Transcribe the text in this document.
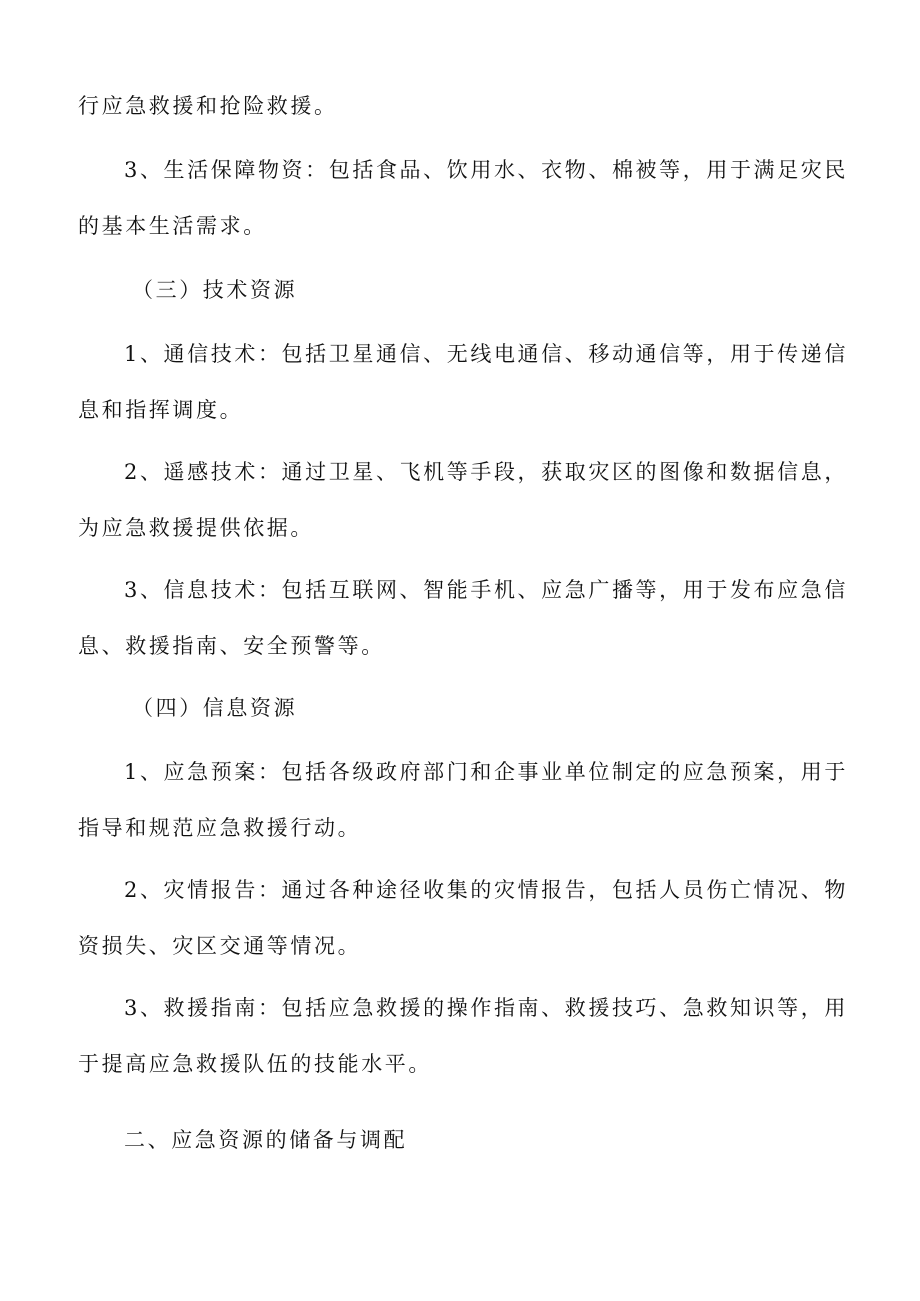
行应急救援和抢险救援。

3、生活保障物资：包括食品、饮用水、衣物、棉被等，用于满足灾民

的基本生活需求。

（三）技术资源

1、通信技术：包括卫星通信、无线电通信、移动通信等，用于传递信

息和指挥调度。

2、遥感技术：通过卫星、飞机等手段，获取灾区的图像和数据信息，

为应急救援提供依据。

3、信息技术：包括互联网、智能手机、应急广播等，用于发布应急信

息、救援指南、安全预警等。

（四）信息资源

1、应急预案：包括各级政府部门和企事业单位制定的应急预案，用于

指导和规范应急救援行动。

2、灾情报告：通过各种途径收集的灾情报告，包括人员伤亡情况、物

资损失、灾区交通等情况。

3、救援指南：包括应急救援的操作指南、救援技巧、急救知识等，用

于提高应急救援队伍的技能水平。

二、应急资源的储备与调配
